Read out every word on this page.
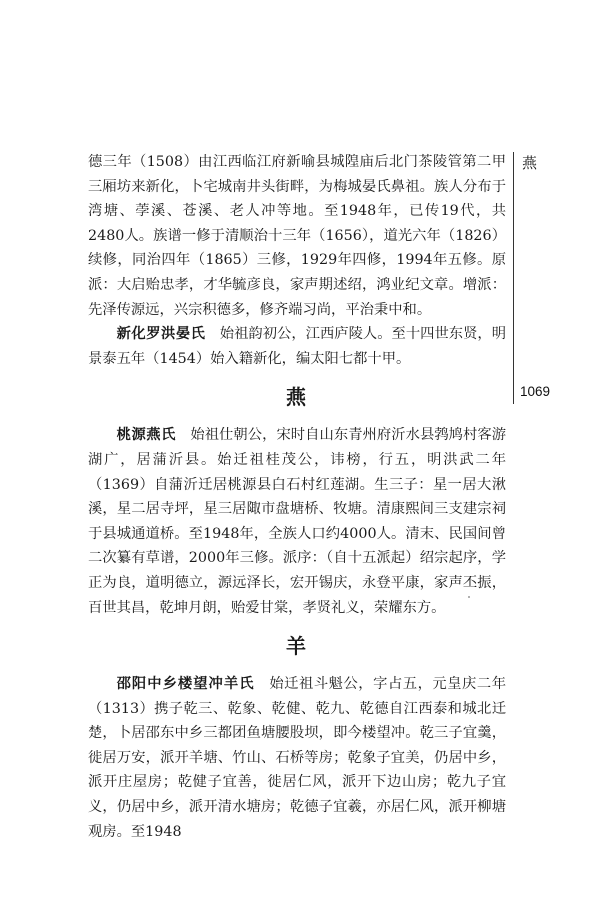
燕
1069

德三年（1508）由江西临江府新喻县城隍庙后北门茶陵管第二甲三厢坊来新化，卜宅城南井头街畔，为梅城晏氏鼻祖。族人分布于湾塘、荸溪、苍溪、老人冲等地。至1948年，已传19代，共2480人。族谱一修于清顺治十三年（1656），道光六年（1826）续修，同治四年（1865）三修，1929年四修，1994年五修。原派：大启贻忠孝，才华毓彦良，家声期述绍，鸿业纪文章。增派：先泽传源远，兴宗积德多，修齐端习尚，平治秉中和。

新化罗洪晏氏　 始祖韵初公，江西庐陵人。至十四世东贤，明景泰五年（1454）始入籍新化，编太阳七都十甲。

燕

桃源燕氏　 始祖仕朝公，宋时自山东青州府沂水县鹁鸠村客游湖广，居蒲沂县。始迁祖桂茂公，讳榜，行五，明洪武二年（1369）自蒲沂迁居桃源县白石村红莲湖。生三子：星一居大湫溪，星二居寺坪，星三居陬市盘塘桥、牧塘。清康熙间三支建宗祠于县城通道桥。至1948年，全族人口约4000人。清末、民国间曾二次纂有草谱，2000年三修。派序：（自十五派起）绍宗起序，学正为良，道明德立，源远泽长，宏开锡庆，永登平康，家声丕振，百世其昌，乾坤月朗，贻爱甘棠，孝贤礼义，荣耀东方。

羊

邵阳中乡楼望冲羊氏　 始迁祖斗魁公，字占五，元皇庆二年（1313）携子乾三、乾象、乾健、乾九、乾德自江西泰和城北迁楚，卜居邵东中乡三都团鱼塘腰股坝，即今楼望冲。乾三子宜羹，徙居万安，派开羊塘、竹山、石桥等房；乾象子宜美，仍居中乡，派开庄屋房；乾健子宜善，徙居仁风，派开下边山房；乾九子宜义，仍居中乡，派开清水塘房；乾德子宜羲，亦居仁风，派开柳塘观房。至1948
